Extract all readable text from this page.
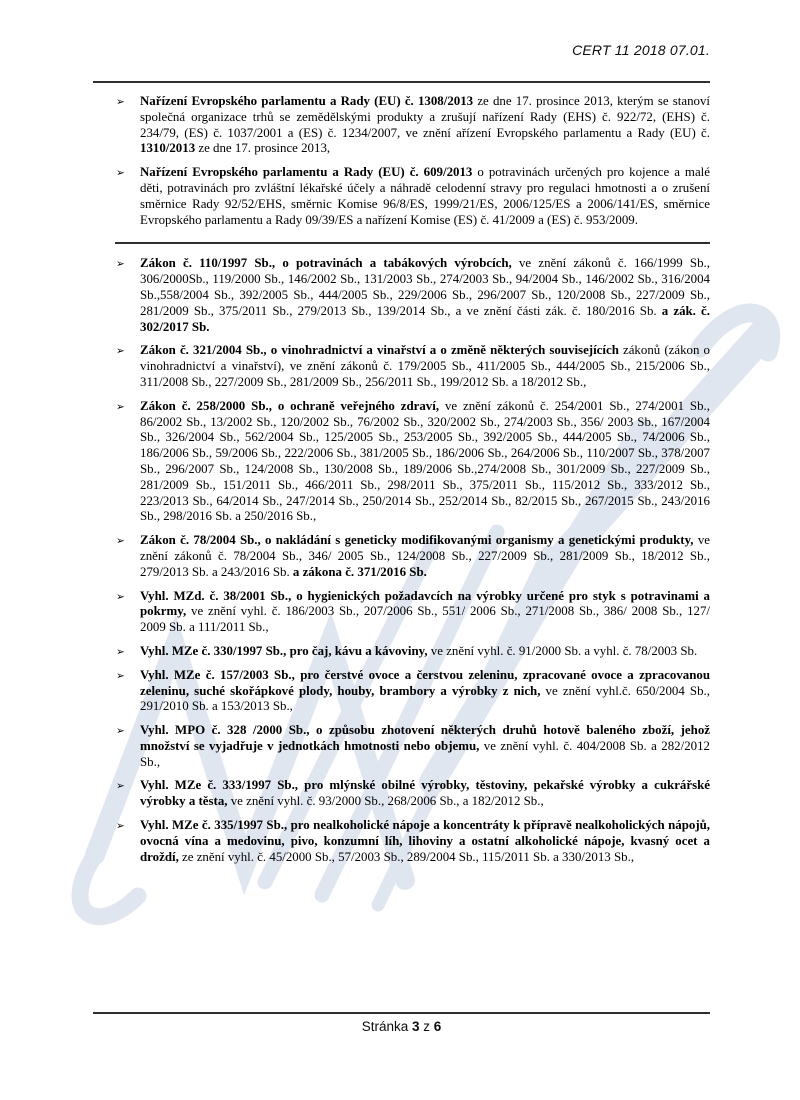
CERT 11 2018 07.01.
➢ Nařízení Evropského parlamentu a Rady (EU) č. 1308/2013 ze dne 17. prosince 2013, kterým se stanoví společná organizace trhů se zemědělskými produkty a zrušují nařízení Rady (EHS) č. 922/72, (EHS) č. 234/79, (ES) č. 1037/2001 a (ES) č. 1234/2007, ve znění ařízení Evropského parlamentu a Rady (EU) č. 1310/2013 ze dne 17. prosince 2013,
➢ Nařízení Evropského parlamentu a Rady (EU) č. 609/2013 o potravinách určených pro kojence a malé děti, potravinách pro zvláštní lékařské účely a náhradě celodenní stravy pro regulaci hmotnosti a o zrušení směrnice Rady 92/52/EHS, směrnic Komise 96/8/ES, 1999/21/ES, 2006/125/ES a 2006/141/ES, směrnice Evropského parlamentu a Rady 09/39/ES a nařízení Komise (ES) č. 41/2009 a (ES) č. 953/2009.
➢ Zákon č. 110/1997 Sb., o potravinách a tabákových výrobcích, ve znění zákonů č. 166/1999 Sb., 306/2000Sb., 119/2000 Sb., 146/2002 Sb., 131/2003 Sb., 274/2003 Sb., 94/2004 Sb., 146/2002 Sb., 316/2004 Sb.,558/2004 Sb., 392/2005 Sb., 444/2005 Sb., 229/2006 Sb., 296/2007 Sb., 120/2008 Sb., 227/2009 Sb., 281/2009 Sb., 375/2011 Sb., 279/2013 Sb., 139/2014 Sb., a ve znění části zák. č. 180/2016 Sb. a zák. č. 302/2017 Sb.
➢ Zákon č. 321/2004 Sb., o vinohradnictví a vinařství a o změně některých souvisejících zákonů (zákon o vinohradnictví a vinařství), ve znění zákonů č. 179/2005 Sb., 411/2005 Sb., 444/2005 Sb., 215/2006 Sb., 311/2008 Sb., 227/2009 Sb., 281/2009 Sb., 256/2011 Sb., 199/2012 Sb. a 18/2012 Sb.,
➢ Zákon č. 258/2000 Sb., o ochraně veřejného zdraví, ve znění zákonů č. 254/2001 Sb., 274/2001 Sb., 86/2002 Sb., 13/2002 Sb., 120/2002 Sb., 76/2002 Sb., 320/2002 Sb., 274/2003 Sb., 356/ 2003 Sb., 167/2004 Sb., 326/2004 Sb., 562/2004 Sb., 125/2005 Sb., 253/2005 Sb., 392/2005 Sb., 444/2005 Sb., 74/2006 Sb., 186/2006 Sb., 59/2006 Sb., 222/2006 Sb., 381/2005 Sb., 186/2006 Sb., 264/2006 Sb., 110/2007 Sb., 378/2007 Sb., 296/2007 Sb., 124/2008 Sb., 130/2008 Sb., 189/2006 Sb.,274/2008 Sb., 301/2009 Sb., 227/2009 Sb., 281/2009 Sb., 151/2011 Sb., 466/2011 Sb., 298/2011 Sb., 375/2011 Sb., 115/2012 Sb., 333/2012 Sb., 223/2013 Sb., 64/2014 Sb., 247/2014 Sb., 250/2014 Sb., 252/2014 Sb., 82/2015 Sb., 267/2015 Sb., 243/2016 Sb., 298/2016 Sb. a 250/2016 Sb.,
➢ Zákon č. 78/2004 Sb., o nakládání s geneticky modifikovanými organismy a genetickými produkty, ve znění zákonů č. 78/2004 Sb., 346/ 2005 Sb., 124/2008 Sb., 227/2009 Sb., 281/2009 Sb., 18/2012 Sb., 279/2013 Sb. a 243/2016 Sb. a zákona č. 371/2016 Sb.
➢ Vyhl. MZd. č. 38/2001 Sb., o hygienických požadavcích na výrobky určené pro styk s potravinami a pokrmy, ve znění vyhl. č. 186/2003 Sb., 207/2006 Sb., 551/ 2006 Sb., 271/2008 Sb., 386/ 2008 Sb., 127/ 2009 Sb. a 111/2011 Sb.,
➢ Vyhl. MZe č. 330/1997 Sb., pro čaj, kávu a kávoviny, ve znění vyhl. č. 91/2000 Sb. a vyhl. č. 78/2003 Sb.
➢ Vyhl. MZe č. 157/2003 Sb., pro čerstvé ovoce a čerstvou zeleninu, zpracované ovoce a zpracovanou zeleninu, suché skořápkové plody, houby, brambory a výrobky z nich, ve znění vyhl.č. 650/2004 Sb., 291/2010 Sb. a 153/2013 Sb.,
➢ Vyhl. MPO č. 328 /2000 Sb., o způsobu zhotovení některých druhů hotově baleného zboží, jehož množství se vyjadřuje v jednotkách hmotnosti nebo objemu, ve znění vyhl. č. 404/2008 Sb. a 282/2012 Sb.,
➢ Vyhl. MZe č. 333/1997 Sb., pro mlýnské obilné výrobky, těstoviny, pekařské výrobky a cukrářské výrobky a těsta, ve znění vyhl. č. 93/2000 Sb., 268/2006 Sb., a 182/2012 Sb.,
➢ Vyhl. MZe č. 335/1997 Sb., pro nealkoholické nápoje a koncentráty k přípravě nealkoholických nápojů, ovocná vína a medovinu, pivo, konzumní líh, lihoviny a ostatní alkoholické nápoje, kvasný ocet a droždí, ze znění vyhl. č. 45/2000 Sb., 57/2003 Sb., 289/2004 Sb., 115/2011 Sb. a 330/2013 Sb.,
Stránka 3 z 6
